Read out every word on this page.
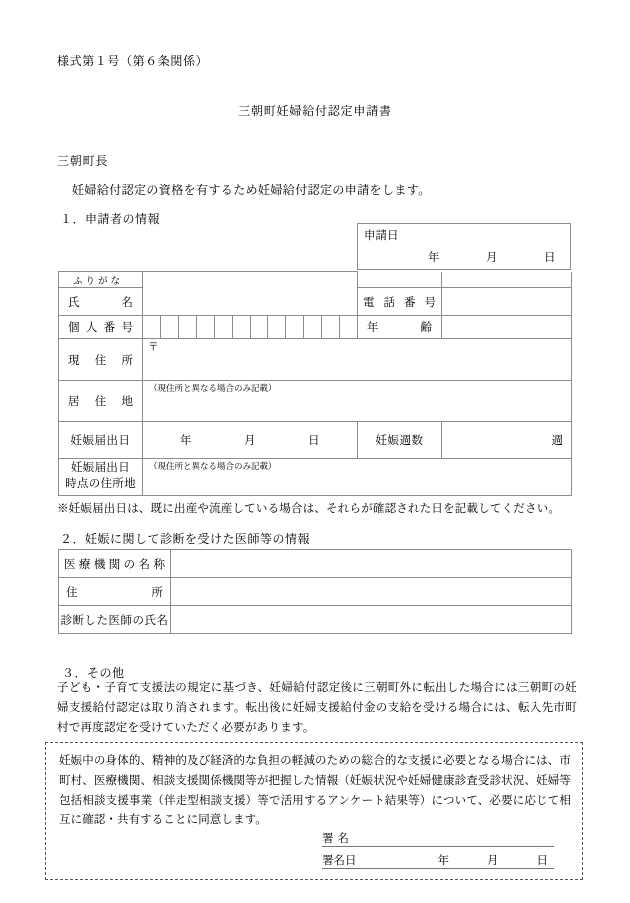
様式第１号（第６条関係）
三朝町妊婦給付認定申請書
三朝町長
妊婦給付認定の資格を有するため妊婦給付認定の申請をします。
１．申請者の情報
申請日

年	月	日
ふりがな			

氏 名		電 話 番 号	

個 人 番 号		年 齢	

現 住 所	〒		

居 住 地	（現住所と異なる場合のみ記載）		

妊娠届出日	年 月 日	妊娠週数	週

妊娠届出日
時点の住所地	（現住所と異なる場合のみ記載）		

※妊娠届出日は、既に出産や流産している場合は、それらが確認された日を記載してください。
２．妊娠に関して診断を受けた医師等の情報
医 療 機 関 の 名 称

住 所	

診断した医師の氏名	

３．その他
子ども・子育て支援法の規定に基づき、妊婦給付認定後に三朝町外に転出した場合には三朝町の妊婦支援給付認定は取り消されます。転出後に妊婦支援給付金の支給を受ける場合には、転入先市町村で再度認定を受けていただく必要があります。
妊娠中の身体的、精神的及び経済的な負担の軽減のための総合的な支援に必要となる場合には、市町村、医療機関、相談支援関係機関等が把握した情報（妊娠状況や妊婦健康診査受診状況、妊婦等包括相談支援事業（伴走型相談支援）等で活用するアンケート結果等）について、必要に応じて相互に確認・共有することに同意します。
署名
署名日	年	月	日
